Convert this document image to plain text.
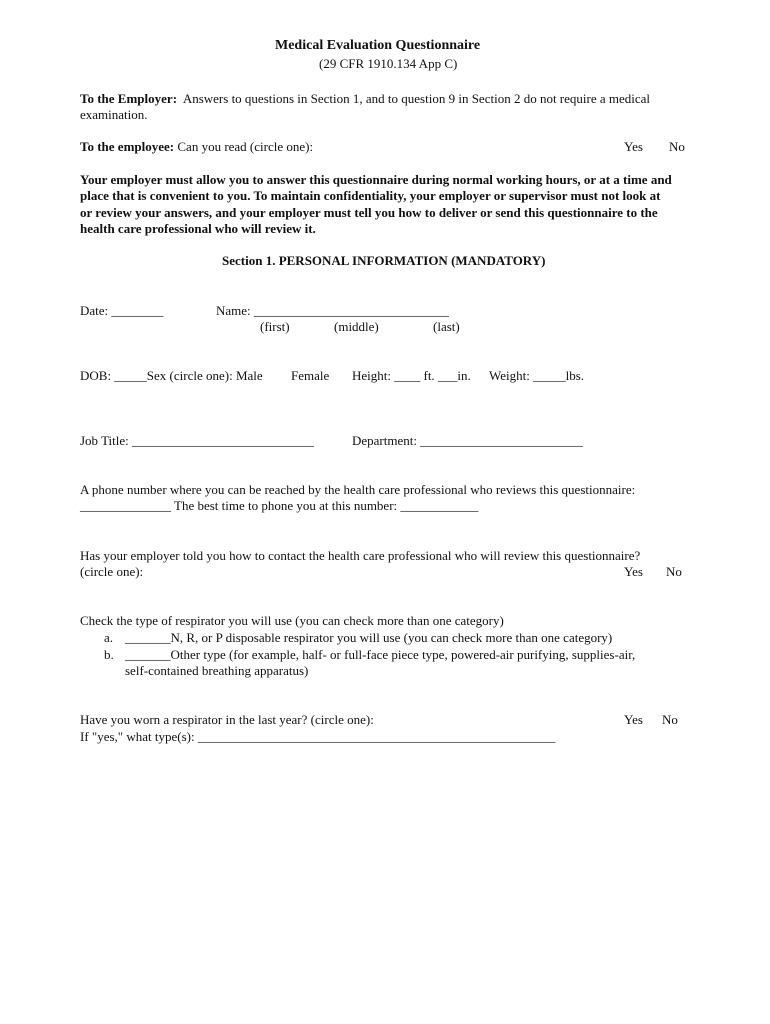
Medical Evaluation Questionnaire
(29 CFR 1910.134 App C)
To the Employer: Answers to questions in Section 1, and to question 9 in Section 2 do not require a medical
examination.
To the employee: Can you read (circle one):	Yes No
Your employer must allow you to answer this questionnaire during normal working hours, or at a time and
place that is convenient to you. To maintain confidentiality, your employer or supervisor must not look at
or review your answers, and your employer must tell you how to deliver or send this questionnaire to the
health care professional who will review it.
Section 1. PERSONAL INFORMATION (MANDATORY)
Date: ________	Name: ______________________________
(first)	(middle)	(last)
DOB: _____Sex (circle one): Male Female Height: ____ ft. ___in. Weight: _____lbs.
Job Title: ____________________________	Department: _________________________
A phone number where you can be reached by the health care professional who reviews this questionnaire:
______________ The best time to phone you at this number: ____________
Has your employer told you how to contact the health care professional who will review this questionnaire?
(circle one):	Yes No
Check the type of respirator you will use (you can check more than one category)
a. _______N, R, or P disposable respirator you will use (you can check more than one category)
b. _______Other type (for example, half- or full-face piece type, powered-air purifying, supplies-air,
self-contained breathing apparatus)
Have you worn a respirator in the last year? (circle one):	Yes No
If "yes," what type(s): _______________________________________________________
